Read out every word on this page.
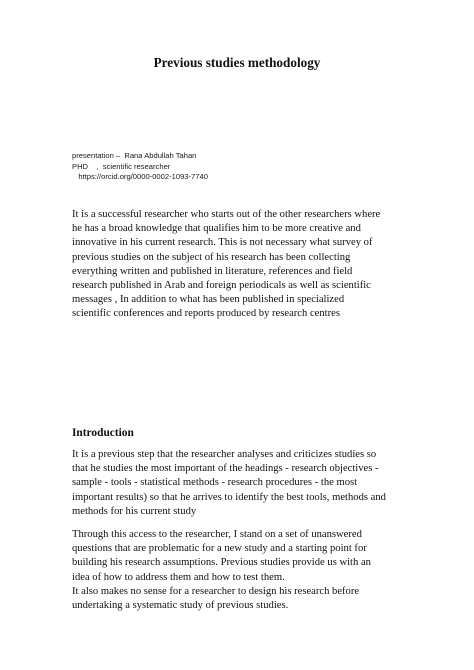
Previous studies methodology
presentation –  Rana Abdullah Tahan
PHD    ,  scientific researcher
https://orcid.org/0000-0002-1093-7740

It is a successful researcher who starts out of the other researchers where
he has a broad knowledge that qualifies him to be more creative and
innovative in his current research. This is not necessary what survey of
previous studies on the subject of his research has been collecting
everything written and published in literature, references and field
research published in Arab and foreign periodicals as well as scientific
messages , In addition to what has been published in specialized
scientific conferences and reports produced by research centres

Introduction

It is a previous step that the researcher analyses and criticizes studies so
that he studies the most important of the headings - research objectives -
sample - tools - statistical methods - research procedures - the most
important results) so that he arrives to identify the best tools, methods and
methods for his current study

Through this access to the researcher, I stand on a set of unanswered
questions that are problematic for a new study and a starting point for
building his research assumptions. Previous studies provide us with an
idea of how to address them and how to test them.

It also makes no sense for a researcher to design his research before
undertaking a systematic study of previous studies.
